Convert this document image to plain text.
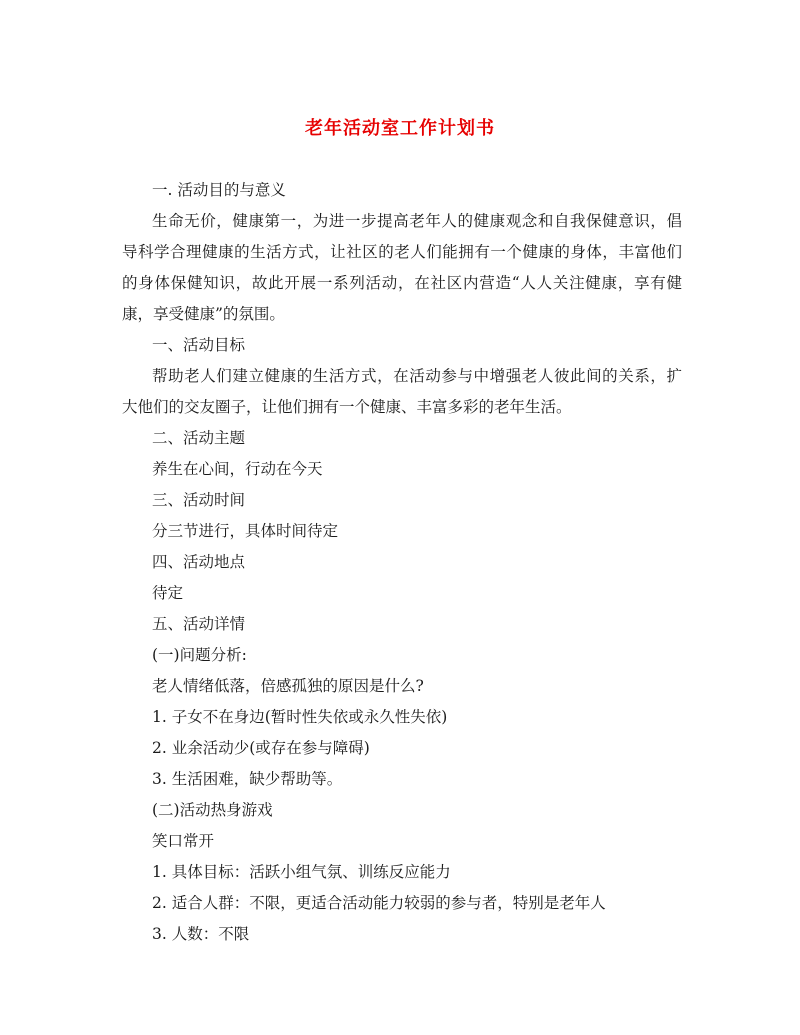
老年活动室工作计划书
一. 活动目的与意义
生命无价，健康第一，为进一步提高老年人的健康观念和自我保健意识，倡
导科学合理健康的生活方式，让社区的老人们能拥有一个健康的身体，丰富他们
的身体保健知识，故此开展一系列活动，在社区内营造“人人关注健康，享有健
康，享受健康”的氛围。
一、活动目标
帮助老人们建立健康的生活方式，在活动参与中增强老人彼此间的关系，扩
大他们的交友圈子，让他们拥有一个健康、丰富多彩的老年生活。
二、活动主题
养生在心间，行动在今天
三、活动时间
分三节进行，具体时间待定
四、活动地点
待定
五、活动详情
(一)问题分析:
老人情绪低落，倍感孤独的原因是什么?
1. 子女不在身边(暂时性失依或永久性失依)
2. 业余活动少(或存在参与障碍)
3. 生活困难，缺少帮助等。
(二)活动热身游戏
笑口常开
1. 具体目标：活跃小组气氛、训练反应能力
2. 适合人群：不限，更适合活动能力较弱的参与者，特别是老年人
3. 人数：不限
